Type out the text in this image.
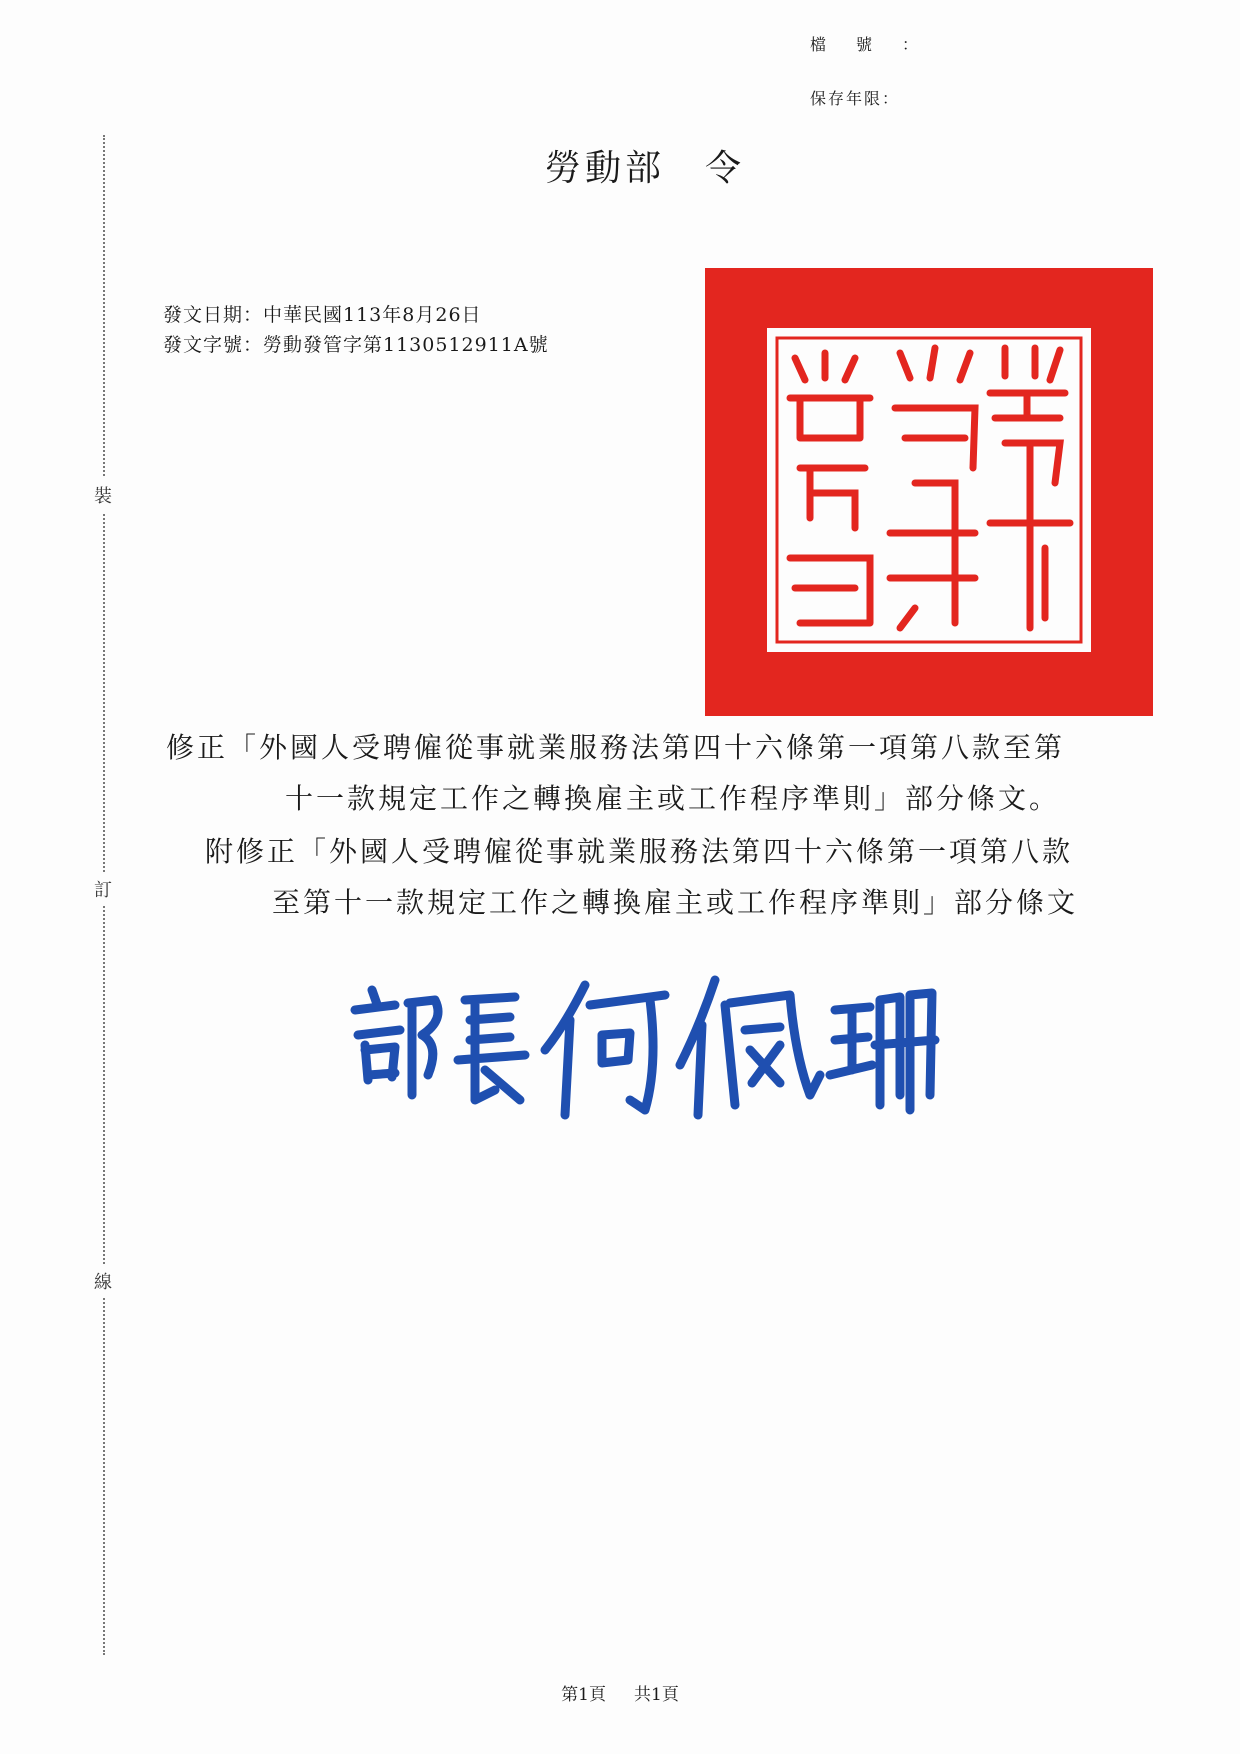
檔號：
保存年限：
裝
訂
線
勞動部 令
發文日期：中華民國113年8月26日
發文字號：勞動發管字第1130512911A號
修正「外國人受聘僱從事就業服務法第四十六條第一項第八款至第
十一款規定工作之轉換雇主或工作程序準則」部分條文。
附修正「外國人受聘僱從事就業服務法第四十六條第一項第八款
至第十一款規定工作之轉換雇主或工作程序準則」部分條文
第1頁 共1頁
